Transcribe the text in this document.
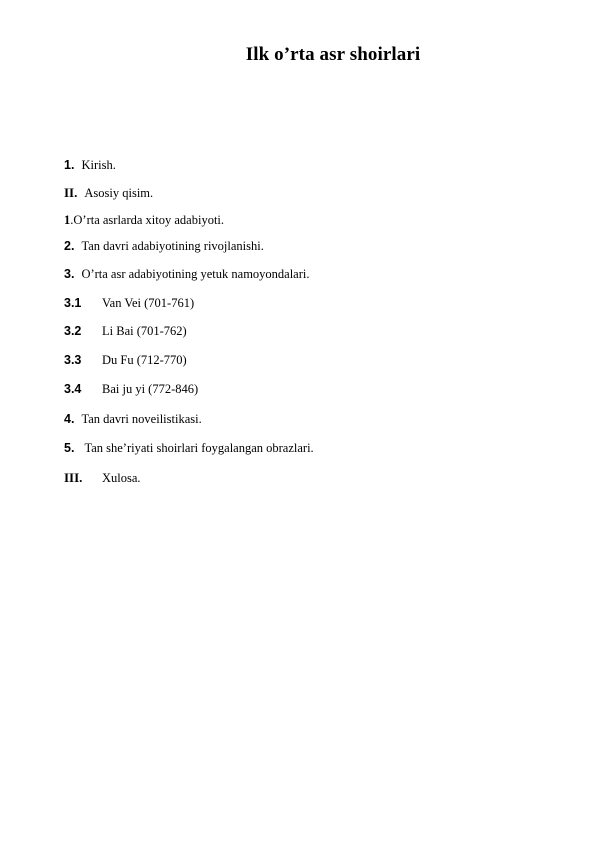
Ilk o’rta asr shoirlari
1. Kirish.
II. Asosiy qisim.
1.O’rta asrlarda xitoy adabiyoti.
2. Tan davri adabiyotining rivojlanishi.
3. O’rta asr adabiyotining yetuk namoyondalari.
3.1 Van Vei (701-761)
3.2 Li Bai (701-762)
3.3 Du Fu (712-770)
3.4 Bai ju yi (772-846)
4. Tan davri noveilistikasi.
5. Tan she’riyati shoirlari foygalangan obrazlari.
III. Xulosa.
